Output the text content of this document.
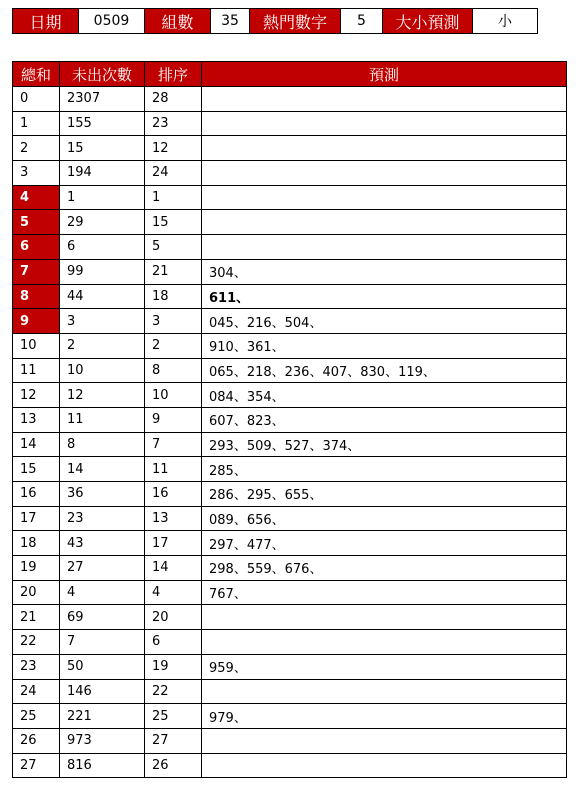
日期	0509	組數	35	熱門數字	5	大小預測	小
總和	未出次數	排序	預測
0	2307	28	
1	155	23	
2	15	12	
3	194	24	
4	1	1	
5	29	15	
6	6	5	
7	99	21	304、
8	44	18	611、
9	3	3	045、216、504、
10	2	2	910、361、
11	10	8	065、218、236、407、830、119、
12	12	10	084、354、
13	11	9	607、823、
14	8	7	293、509、527、374、
15	14	11	285、
16	36	16	286、295、655、
17	23	13	089、656、
18	43	17	297、477、
19	27	14	298、559、676、
20	4	4	767、
21	69	20	
22	7	6	
23	50	19	959、
24	146	22	
25	221	25	979、
26	973	27	
27	816	26	
